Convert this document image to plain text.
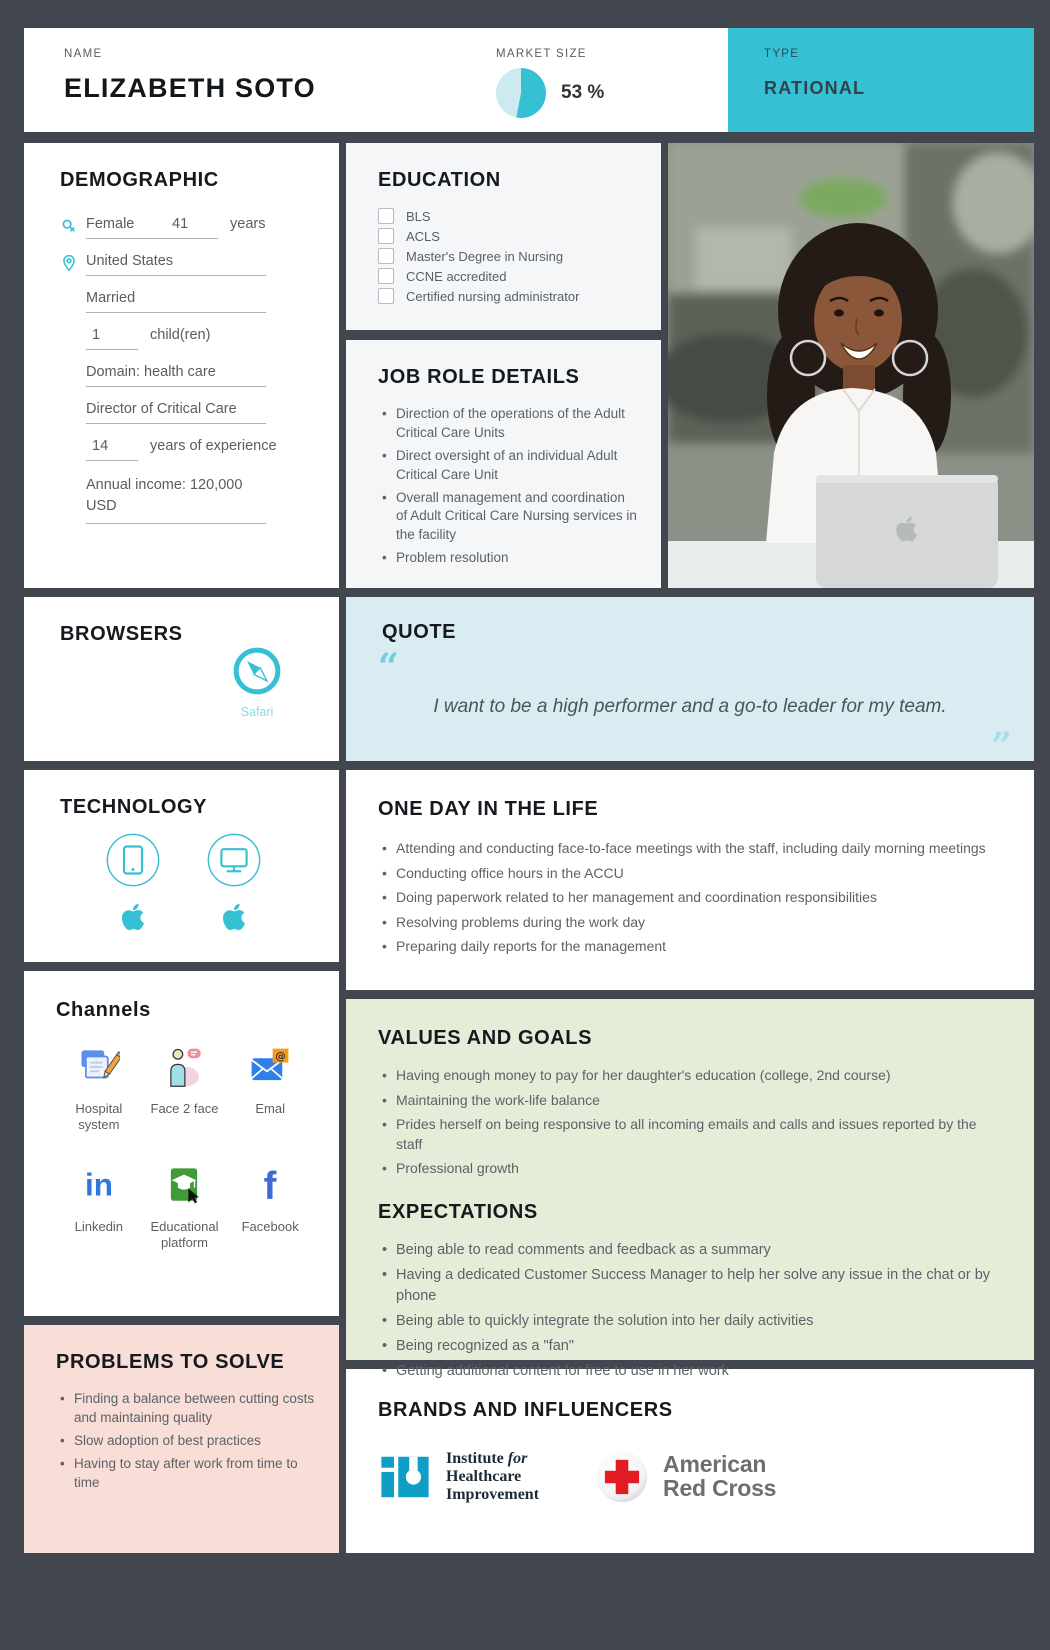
NAME
ELIZABETH SOTO
MARKET SIZE
53 %
TYPE
RATIONAL
DEMOGRAPHIC
Female	41	years
United States
Married
1	child(ren)
Domain: health care
Director of Critical Care
14	years of experience
Annual income: 120,000 USD
BROWSERS
Safari
TECHNOLOGY
Channels
Hospital system
Face 2 face
@
Emal
in
Linkedin	Educational platform
f
Facebook
PROBLEMS TO SOLVE
• Finding a balance between cutting costs and maintaining quality
• Slow adoption of best practices
• Having to stay after work from time to time
EDUCATION
BLS
ACLS
Master's Degree in Nursing
CCNE accredited
Certified nursing administrator
JOB ROLE DETAILS
• Direction of the operations of the Adult Critical Care Units
• Direct oversight of an individual Adult Critical Care Unit
• Overall management and coordination of Adult Critical Care Nursing services in the facility
• Problem resolution
QUOTE
“

I want to be a high performer and a go-to leader for my team.

”
ONE DAY IN THE LIFE
• Attending and conducting face-to-face meetings with the staff, including daily morning meetings
• Conducting office hours in the ACCU
• Doing paperwork related to her management and coordination responsibilities
• Resolving problems during the work day
• Preparing daily reports for the management
VALUES AND GOALS
• Having enough money to pay for her daughter's education (college, 2nd course)
• Maintaining the work-life balance
• Prides herself on being responsive to all incoming emails and calls and issues reported by the staff
• Professional growth
EXPECTATIONS
• Being able to read comments and feedback as a summary
• Having a dedicated Customer Success Manager to help her solve any issue in the chat or by phone
• Being able to quickly integrate the solution into her daily activities
• Being recognized as a "fan"
• Getting additional content for free to use in her work
BRANDS AND INFLUENCERS
Institute for
Healthcare
Improvement
American
Red Cross
